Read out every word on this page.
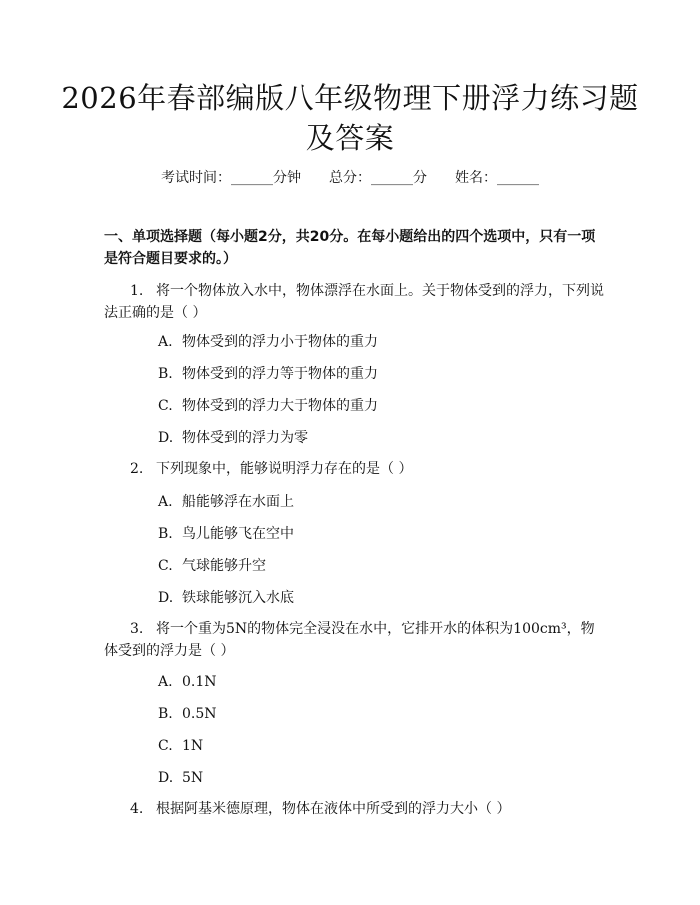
2026年春部编版八年级物理下册浮力练习题及答案
考试时间：______分钟 总分：______分 姓名：______
一、单项选择题（每小题2分，共20分。在每小题给出的四个选项中，只有一项是符合题目要求的。）
1. 将一个物体放入水中，物体漂浮在水面上。关于物体受到的浮力，下列说法正确的是（ ）
A. 物体受到的浮力小于物体的重力
B. 物体受到的浮力等于物体的重力
C. 物体受到的浮力大于物体的重力
D. 物体受到的浮力为零
2. 下列现象中，能够说明浮力存在的是（ ）
A. 船能够浮在水面上
B. 鸟儿能够飞在空中
C. 气球能够升空
D. 铁球能够沉入水底
3. 将一个重为5N的物体完全浸没在水中，它排开水的体积为100cm³，物体受到的浮力是（ ）
A. 0.1N
B. 0.5N
C. 1N
D. 5N
4. 根据阿基米德原理，物体在液体中所受到的浮力大小（ ）
